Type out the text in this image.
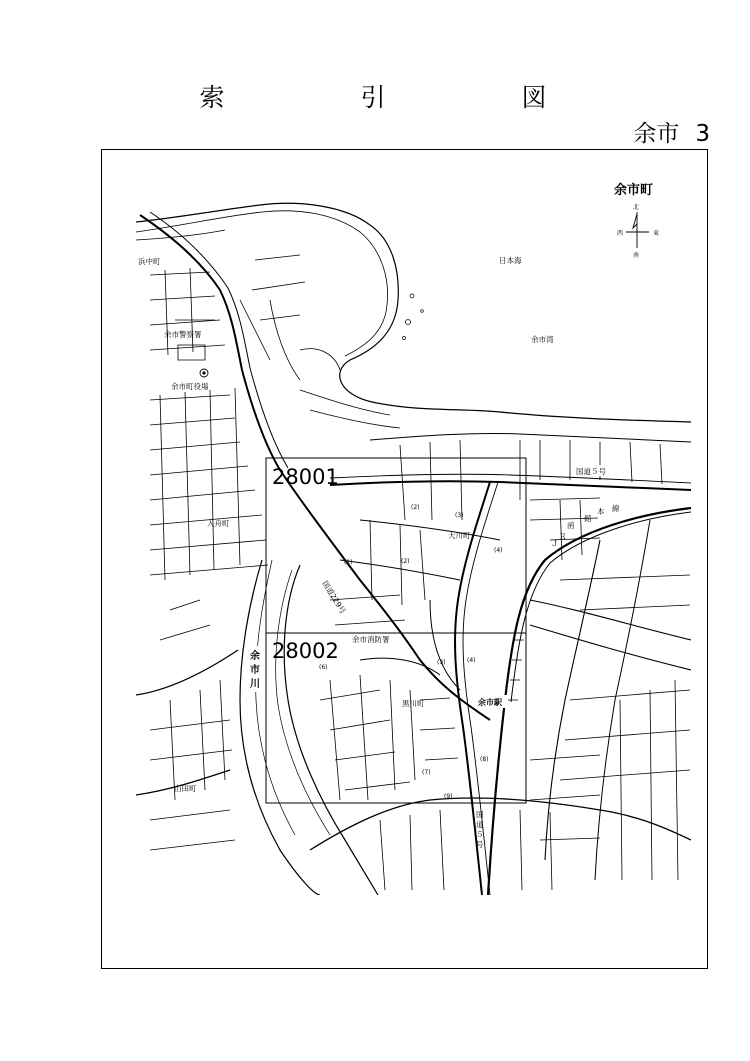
索 引 図
余市 3
28001
28002
余市町
北
南
西	東
浜中町	日本海
余市湾
余市警察署
余市町役場
入舟町
大川町
余市消防署
黒川町	余市駅
山田町
余
市
川
国道５号
国
道
５
号
国道229号
Ｊ
Ｒ
函
館
本 線
(2)
(3)
(1)	(2)
(4)
(6)
(3)	(4)
(7)
(8)
(9)
